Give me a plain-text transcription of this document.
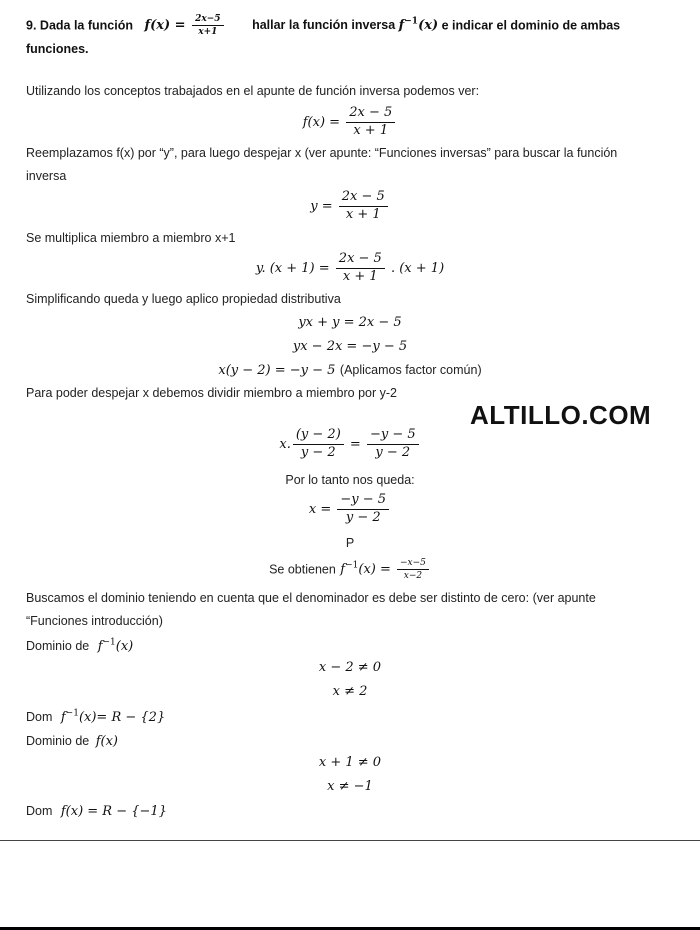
9. Dada la función $f(x) = \frac{2x-5}{x+1}$ hallar la función inversa $f^{-1}(x)$ e indicar el dominio de ambas
funciones.
Utilizando los conceptos trabajados en el apunte de función inversa podemos ver:
$f(x) = \frac{2x - 5}{x + 1}$
Reemplazamos f(x) por “y”, para luego despejar x (ver apunte: “Funciones inversas” para buscar la función
inversa
$y = \frac{2x - 5}{x + 1}$
Se multiplica miembro a miembro x+1
y. $(x + 1) = \frac{2x - 5}{x + 1}$ . (x + 1)
Simplificando queda y luego aplico propiedad distributiva
yx + y = 2x − 5
yx − 2x = −y − 5
x(y − 2) = −y − 5 (Aplicamos factor común)
Para poder despejar x debemos dividir miembro a miembro por y-2
ALTILLO.COM
x. $\frac{(y - 2)}{y - 2} = \frac{-y - 5}{y - 2}$
Por lo tanto nos queda:
$x = \frac{-y - 5}{y - 2}$
P
Se obtienen $f^{-1}(x) = \frac{-x-5}{x-2}$
Buscamos el dominio teniendo en cuenta que el denominador es debe ser distinto de cero: (ver apunte
“Funciones introducción)
Dominio de $f^{-1}(x)$
x − 2 ≠ 0
x ≠ 2
Dom $f^{-1}(x)= R - \{2\}$
Dominio de f(x)
x + 1 ≠ 0
x ≠ −1
Dom f(x) = R − {−1}
